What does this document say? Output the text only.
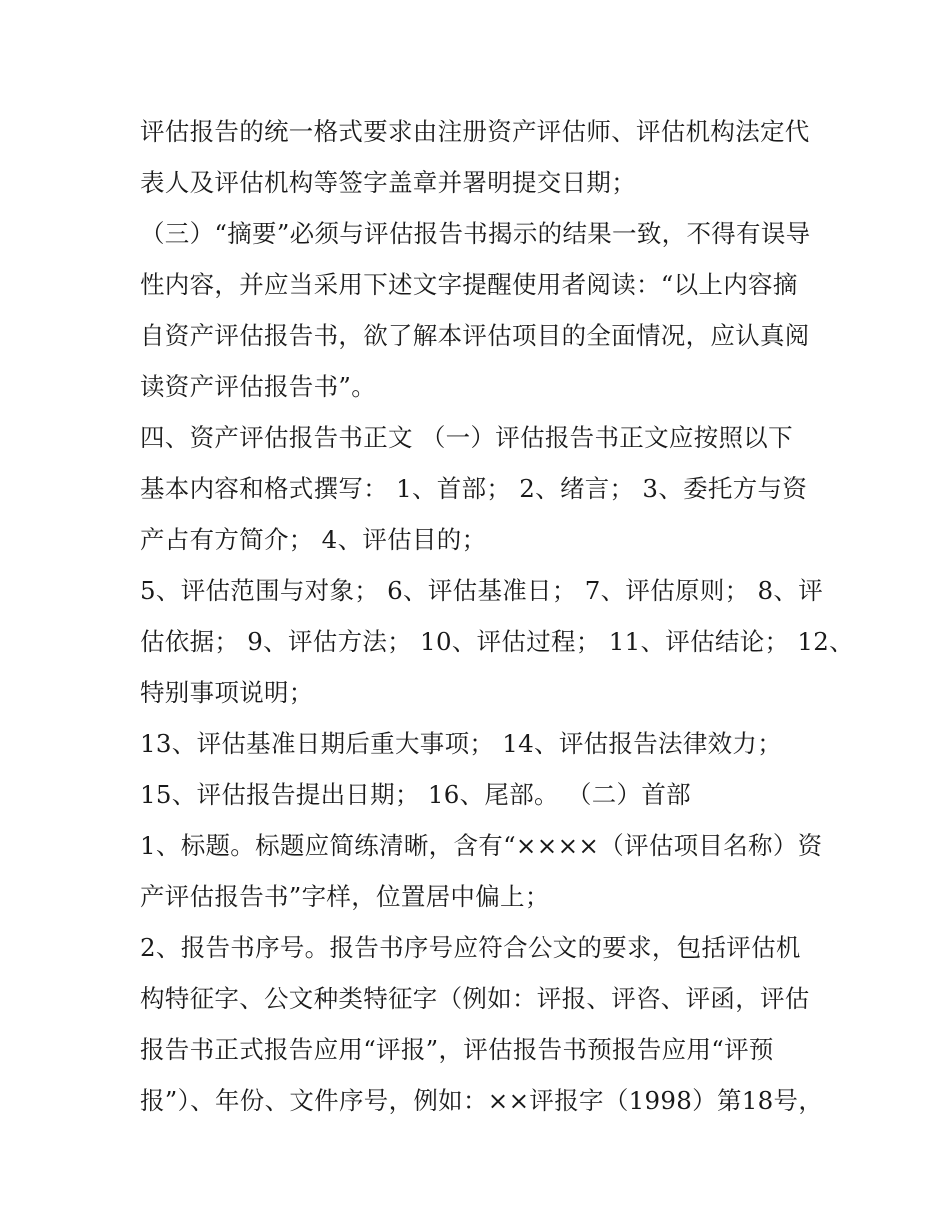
评估报告的统一格式要求由注册资产评估师、评估机构法定代
表人及评估机构等签字盖章并署明提交日期；
（三）“摘要”必须与评估报告书揭示的结果一致，不得有误导
性内容，并应当采用下述文字提醒使用者阅读：“以上内容摘
自资产评估报告书，欲了解本评估项目的全面情况，应认真阅
读资产评估报告书”。
四、资产评估报告书正文 （一）评估报告书正文应按照以下
基本内容和格式撰写： 1、首部； 2、绪言； 3、委托方与资
产占有方简介； 4、评估目的；
5、评估范围与对象； 6、评估基准日； 7、评估原则； 8、评
估依据； 9、评估方法； 10、评估过程； 11、评估结论； 12、
特别事项说明；
13、评估基准日期后重大事项； 14、评估报告法律效力；
15、评估报告提出日期； 16、尾部。 （二）首部
1、标题。标题应简练清晰，含有“××××（评估项目名称）资
产评估报告书”字样，位置居中偏上；
2、报告书序号。报告书序号应符合公文的要求，包括评估机
构特征字、公文种类特征字（例如：评报、评咨、评函，评估
报告书正式报告应用“评报”，评估报告书预报告应用“评预
报”）、年份、文件序号，例如：××评报字（1998）第18号，
